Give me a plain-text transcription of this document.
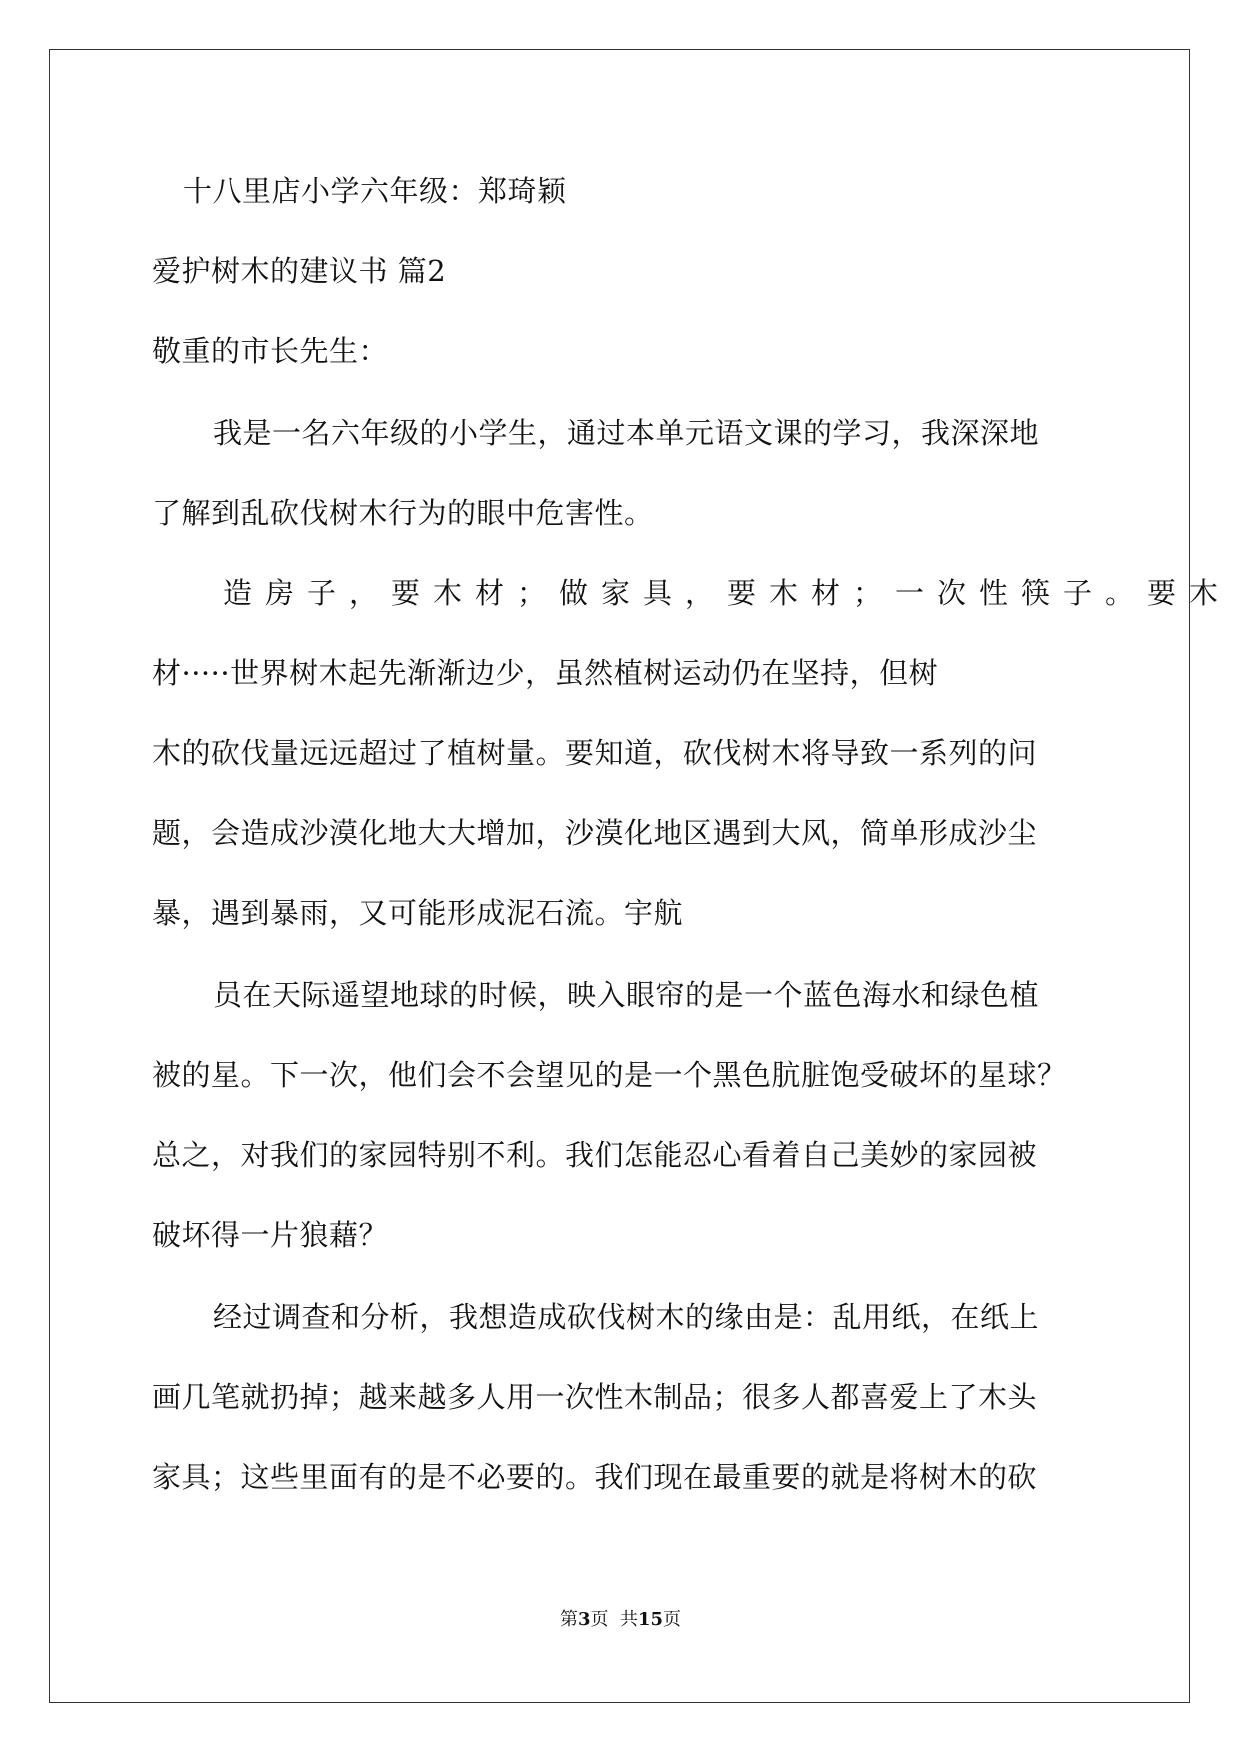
十八里店小学六年级：郑琦颖
爱护树木的建议书 篇2
敬重的市长先生：
我是一名六年级的小学生，通过本单元语文课的学习，我深深地
了解到乱砍伐树木行为的眼中危害性。
造房子，要木材；做家具，要木材；一次性筷子。要木
材·····世界树木起先渐渐边少，虽然植树运动仍在坚持，但树
木的砍伐量远远超过了植树量。要知道，砍伐树木将导致一系列的问
题，会造成沙漠化地大大增加，沙漠化地区遇到大风，简单形成沙尘
暴，遇到暴雨，又可能形成泥石流。宇航
员在天际遥望地球的时候，映入眼帘的是一个蓝色海水和绿色植
被的星。下一次，他们会不会望见的是一个黑色肮脏饱受破坏的星球？
总之，对我们的家园特别不利。我们怎能忍心看着自己美妙的家园被
破坏得一片狼藉？
经过调查和分析，我想造成砍伐树木的缘由是：乱用纸，在纸上
画几笔就扔掉；越来越多人用一次性木制品；很多人都喜爱上了木头
家具；这些里面有的是不必要的。我们现在最重要的就是将树木的砍
第3页  共15页
